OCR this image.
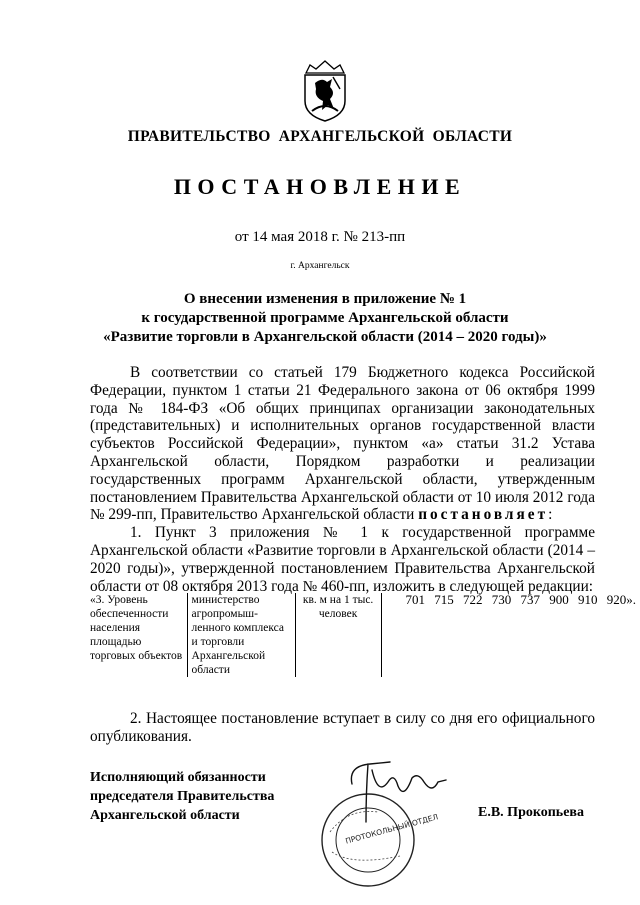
ПРАВИТЕЛЬСТВО АРХАНГЕЛЬСКОЙ ОБЛАСТИ
ПОСТАНОВЛЕНИЕ
от 14 мая 2018 г. № 213-пп
г. Архангельск
О внесении изменения в приложение № 1
к государственной программе Архангельской области
«Развитие торговли в Архангельской области (2014 – 2020 годы)»

В соответствии со статьей 179 Бюджетного кодекса Российской Федерации, пунктом 1 статьи 21 Федерального закона от 06 октября 1999 года № 184-ФЗ «Об общих принципах организации законодательных (представительных) и исполнительных органов государственной власти субъектов Российской Федерации», пунктом «а» статьи 31.2 Устава Архангельской области, Порядком разработки и реализации государственных программ Архангельской области, утвержденным постановлением Правительства Архангельской области от 10 июля 2012 года № 299-пп, Правительство Архангельской области постановляет:

1. Пункт 3 приложения № 1 к государственной программе Архангельской области «Развитие торговли в Архангельской области (2014 – 2020 годы)», утвержденной постановлением Правительства Архангельской области от 08 октября 2013 года № 460-пп, изложить в следующей редакции:

«3. Уровень обеспеченности населения площадью торговых объектов	министерство агропромыш-ленного комплекса и торговли Архангельской области	кв. м на 1 тыс. человек	701 715 722 730 737 900 910 920».

2. Настоящее постановление вступает в силу со дня его официального опубликования.

Исполняющий обязанности
председателя Правительства
Архангельской области	Е.В. Прокопьева
ПРОТОКОЛЬНЫЙ ОТДЕЛ
